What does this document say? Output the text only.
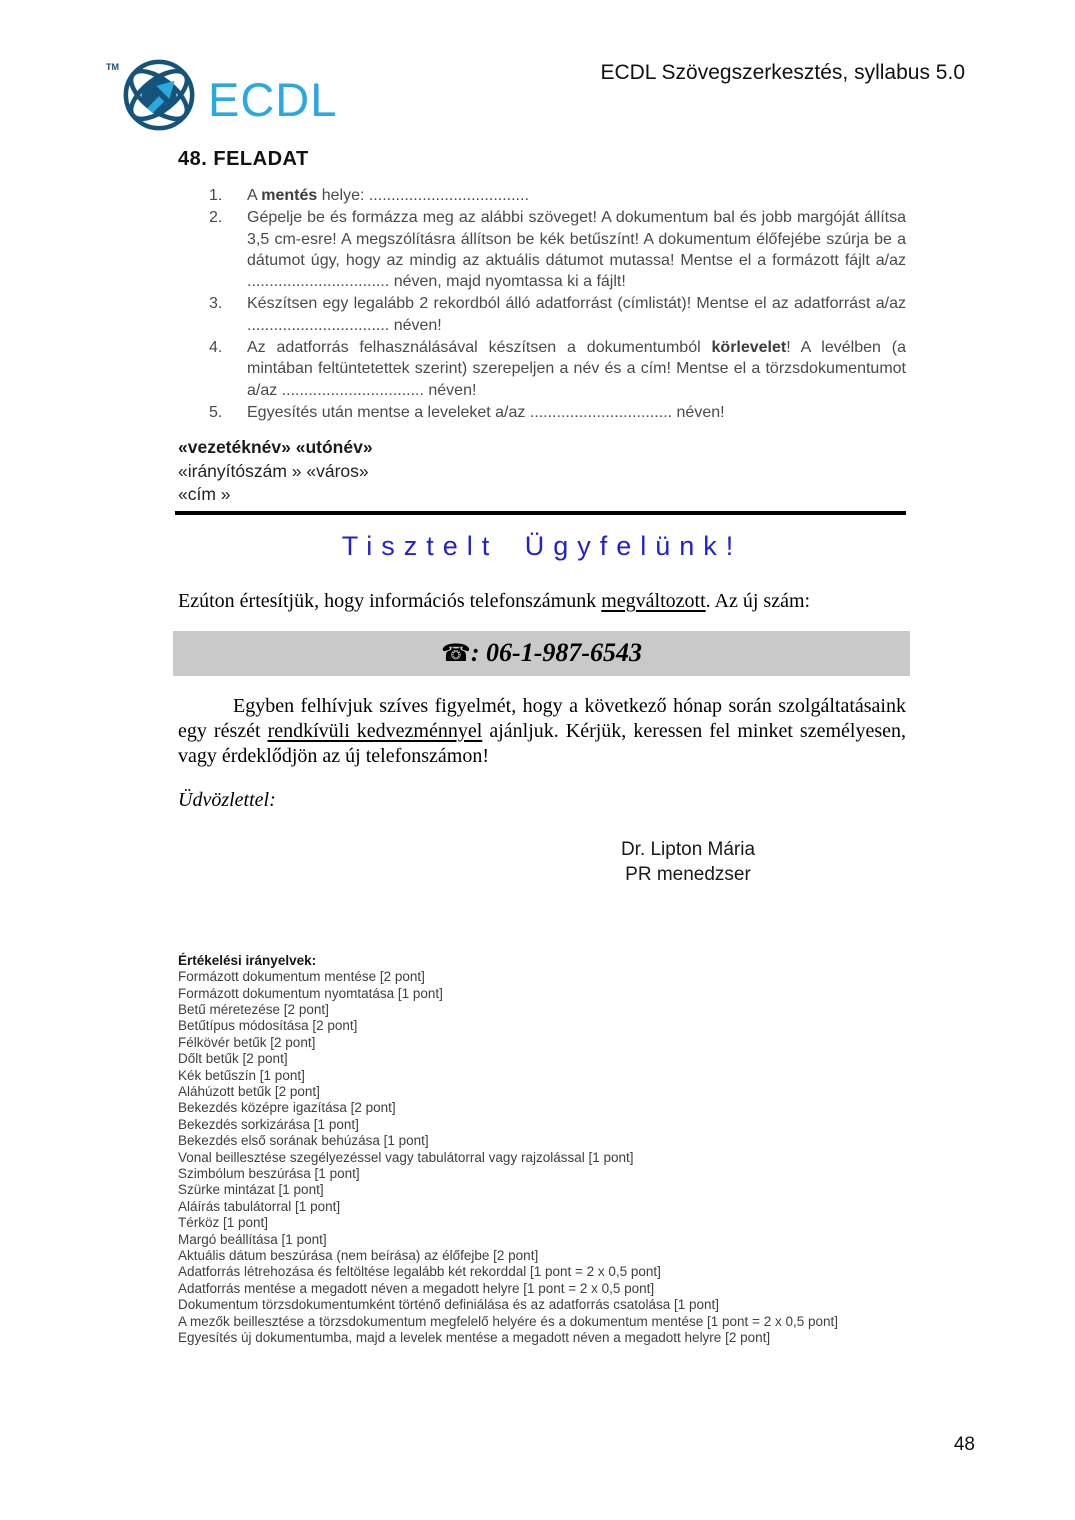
TM
ECDL
ECDL Szövegszerkesztés, syllabus 5.0
48. FELADAT
1. A mentés helye: ....................................
2. Gépelje be és formázza meg az alábbi szöveget! A dokumentum bal és jobb margóját állítsa 3,5 cm-esre! A megszólításra állítson be kék betűszínt! A dokumentum élőfejébe szúrja be a dátumot úgy, hogy az mindig az aktuális dátumot mutassa! Mentse el a formázott fájlt a/az ................................ néven, majd nyomtassa ki a fájlt!
3. Készítsen egy legalább 2 rekordból álló adatforrást (címlistát)! Mentse el az adatforrást a/az ................................ néven!
4. Az adatforrás felhasználásával készítsen a dokumentumból körlevelet! A levélben (a mintában feltüntetettek szerint) szerepeljen a név és a cím! Mentse el a törzsdokumentumot a/az ................................ néven!
5. Egyesítés után mentse a leveleket a/az ................................ néven!
«vezetéknév» «utónév»
«irányítószám » «város»
«cím »
Tisztelt Ügyfelünk!

Ezúton értesítjük, hogy információs telefonszámunk megváltozott. Az új szám:

☎: 06-1-987-6543

Egyben felhívjuk szíves figyelmét, hogy a következő hónap során szolgáltatásaink egy részét rendkívüli kedvezménnyel ajánljuk. Kérjük, keressen fel minket személyesen, vagy érdeklődjön az új telefonszámon!

Üdvözlettel:

Dr. Lipton Mária
PR menedzser
Értékelési irányelvek:
Formázott dokumentum mentése [2 pont]
Formázott dokumentum nyomtatása [1 pont]
Betű méretezése [2 pont]
Betűtípus módosítása [2 pont]
Félkövér betűk [2 pont]
Dőlt betűk [2 pont]
Kék betűszín [1 pont]
Aláhúzott betűk [2 pont]
Bekezdés középre igazítása [2 pont]
Bekezdés sorkizárása [1 pont]
Bekezdés első sorának behúzása [1 pont]
Vonal beillesztése szegélyezéssel vagy tabulátorral vagy rajzolással [1 pont]
Szimbólum beszúrása [1 pont]
Szürke mintázat [1 pont]
Aláírás tabulátorral [1 pont]
Térköz [1 pont]
Margó beállítása [1 pont]
Aktuális dátum beszúrása (nem beírása) az élőfejbe [2 pont]
Adatforrás létrehozása és feltöltése legalább két rekorddal [1 pont = 2 x 0,5 pont]
Adatforrás mentése a megadott néven a megadott helyre [1 pont = 2 x 0,5 pont]
Dokumentum törzsdokumentumként történő definiálása és az adatforrás csatolása [1 pont]
A mezők beillesztése a törzsdokumentum megfelelő helyére és a dokumentum mentése [1 pont = 2 x 0,5 pont]
Egyesítés új dokumentumba, majd a levelek mentése a megadott néven a megadott helyre [2 pont]
48
